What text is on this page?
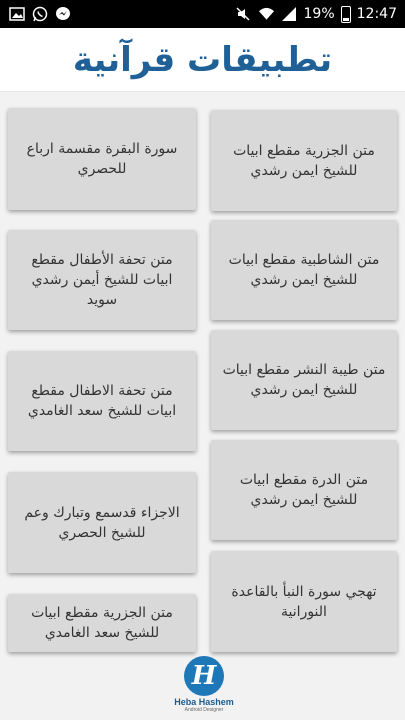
19% 12:47
تطبيقات قرآنية
متن الجزرية مقطع ابيات للشيخ ايمن رشدي
متن الشاطبية مقطع ابيات للشيخ ايمن رشدي
متن طيبة النشر مقطع ابيات للشيخ ايمن رشدي
متن الدرة مقطع ابيات للشيخ ايمن رشدي
تهجي سورة النبأ بالقاعدة النورانية
سورة البقرة مقسمة ارباع للحصري
متن تحفة الأطفال مقطع ابيات للشيخ أيمن رشدي سويد
متن تحفة الاطفال مقطع ابيات للشيخ سعد الغامدي
الاجزاء قدسمع وتبارك وعم للشيخ الحصري
متن الجزرية مقطع ابيات للشيخ سعد الغامدي
H
Heba Hashem
Android Designer
